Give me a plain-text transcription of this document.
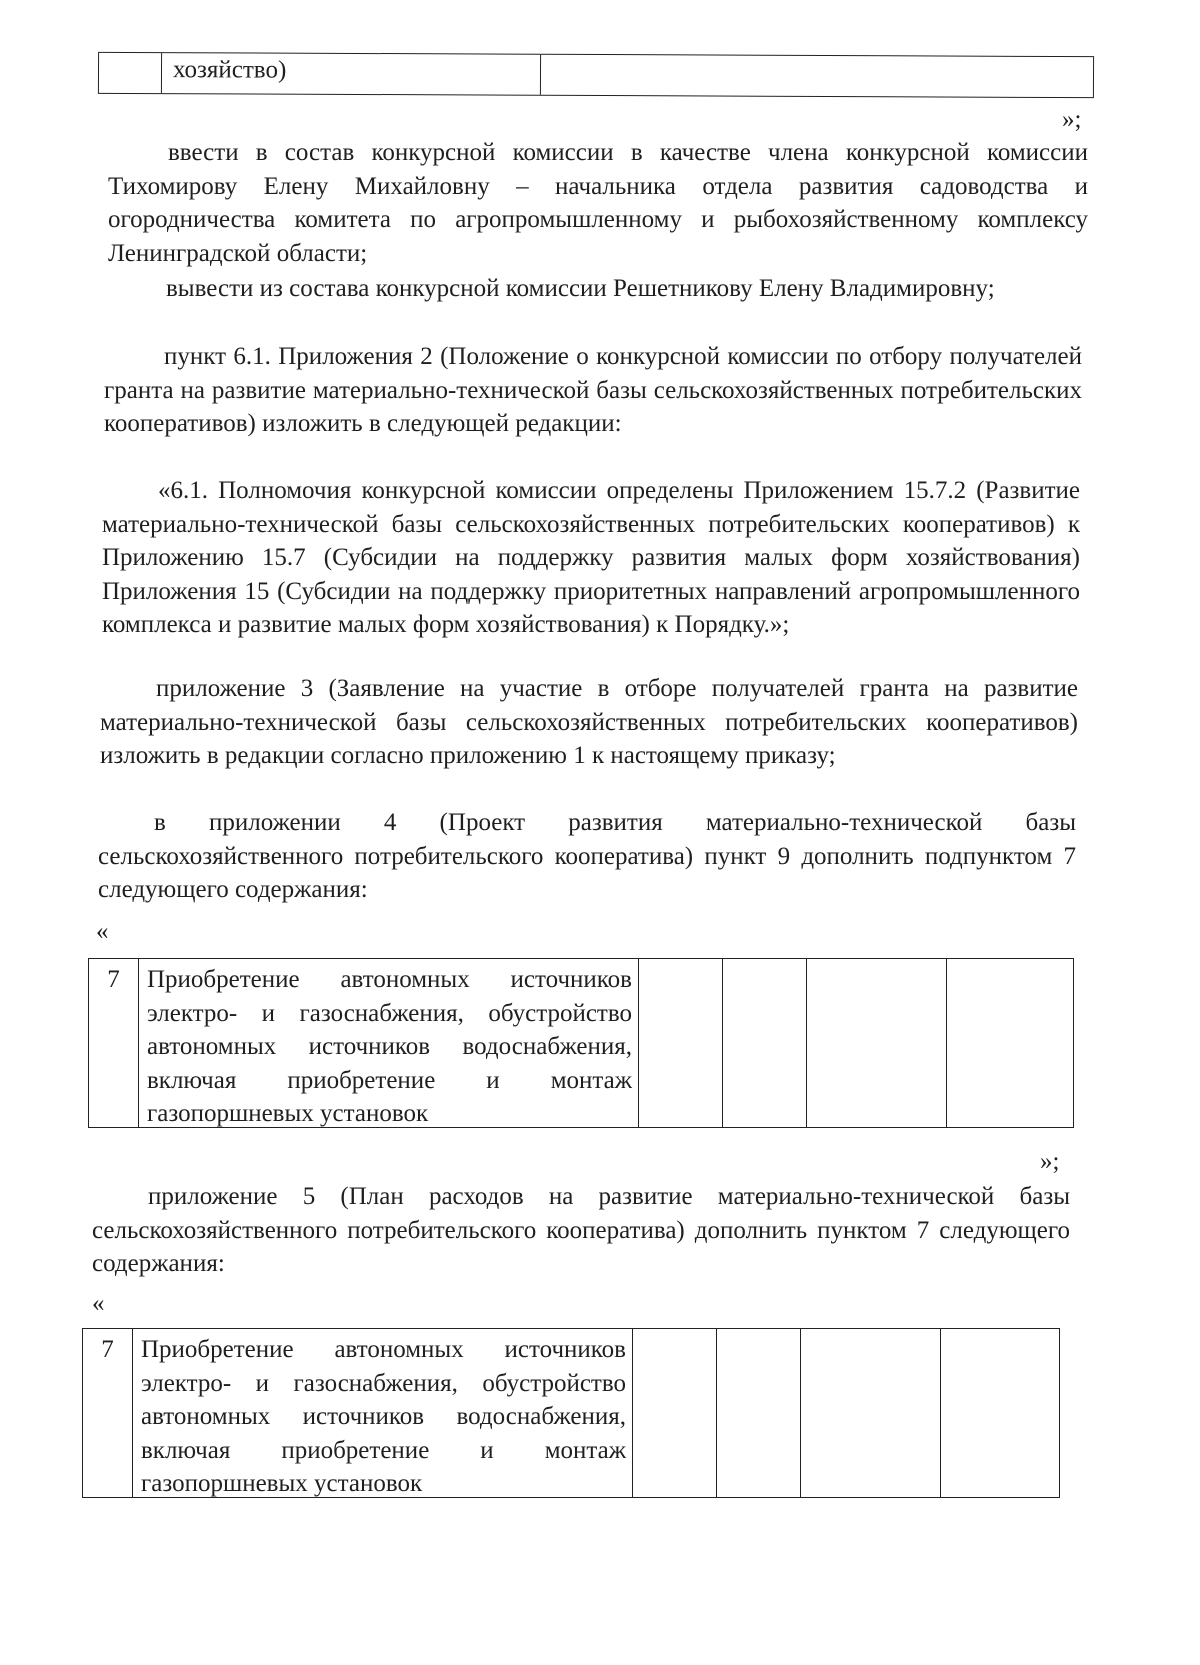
хозяйство)
»;

ввести в состав конкурсной комиссии в качестве члена конкурсной комиссии Тихомирову Елену Михайловну – начальника отдела развития садоводства и огородничества комитета по агропромышленному и рыбохозяйственному комплексу Ленинградской области;

вывести из состава конкурсной комиссии Решетникову Елену Владимировну;

пункт 6.1. Приложения 2 (Положение о конкурсной комиссии по отбору получателей гранта на развитие материально-технической базы сельскохозяйственных потребительских кооперативов) изложить в следующей редакции:

«6.1. Полномочия конкурсной комиссии определены Приложением 15.7.2 (Развитие материально-технической базы сельскохозяйственных потребительских кооперативов) к Приложению 15.7 (Субсидии на поддержку развития малых форм хозяйствования) Приложения 15 (Субсидии на поддержку приоритетных направлений агропромышленного комплекса и развитие малых форм хозяйствования) к Порядку.»;

приложение 3 (Заявление на участие в отборе получателей гранта на развитие материально-технической базы сельскохозяйственных потребительских кооперативов) изложить в редакции согласно приложению 1 к настоящему приказу;

в приложении 4 (Проект развития материально-технической базы сельскохозяйственного потребительского кооператива) пункт 9 дополнить подпунктом 7 следующего содержания:

«
7	Приобретение автономных источников
электро- и газоснабжения, обустройство
автономных источников водоснабжения,
включая приобретение и монтаж
газопоршневых установок
»;

приложение 5 (План расходов на развитие материально-технической базы сельскохозяйственного потребительского кооператива) дополнить пунктом 7 следующего содержания:

«
7	Приобретение автономных источников
электро- и газоснабжения, обустройство
автономных источников водоснабжения,
включая приобретение и монтаж
газопоршневых установок
